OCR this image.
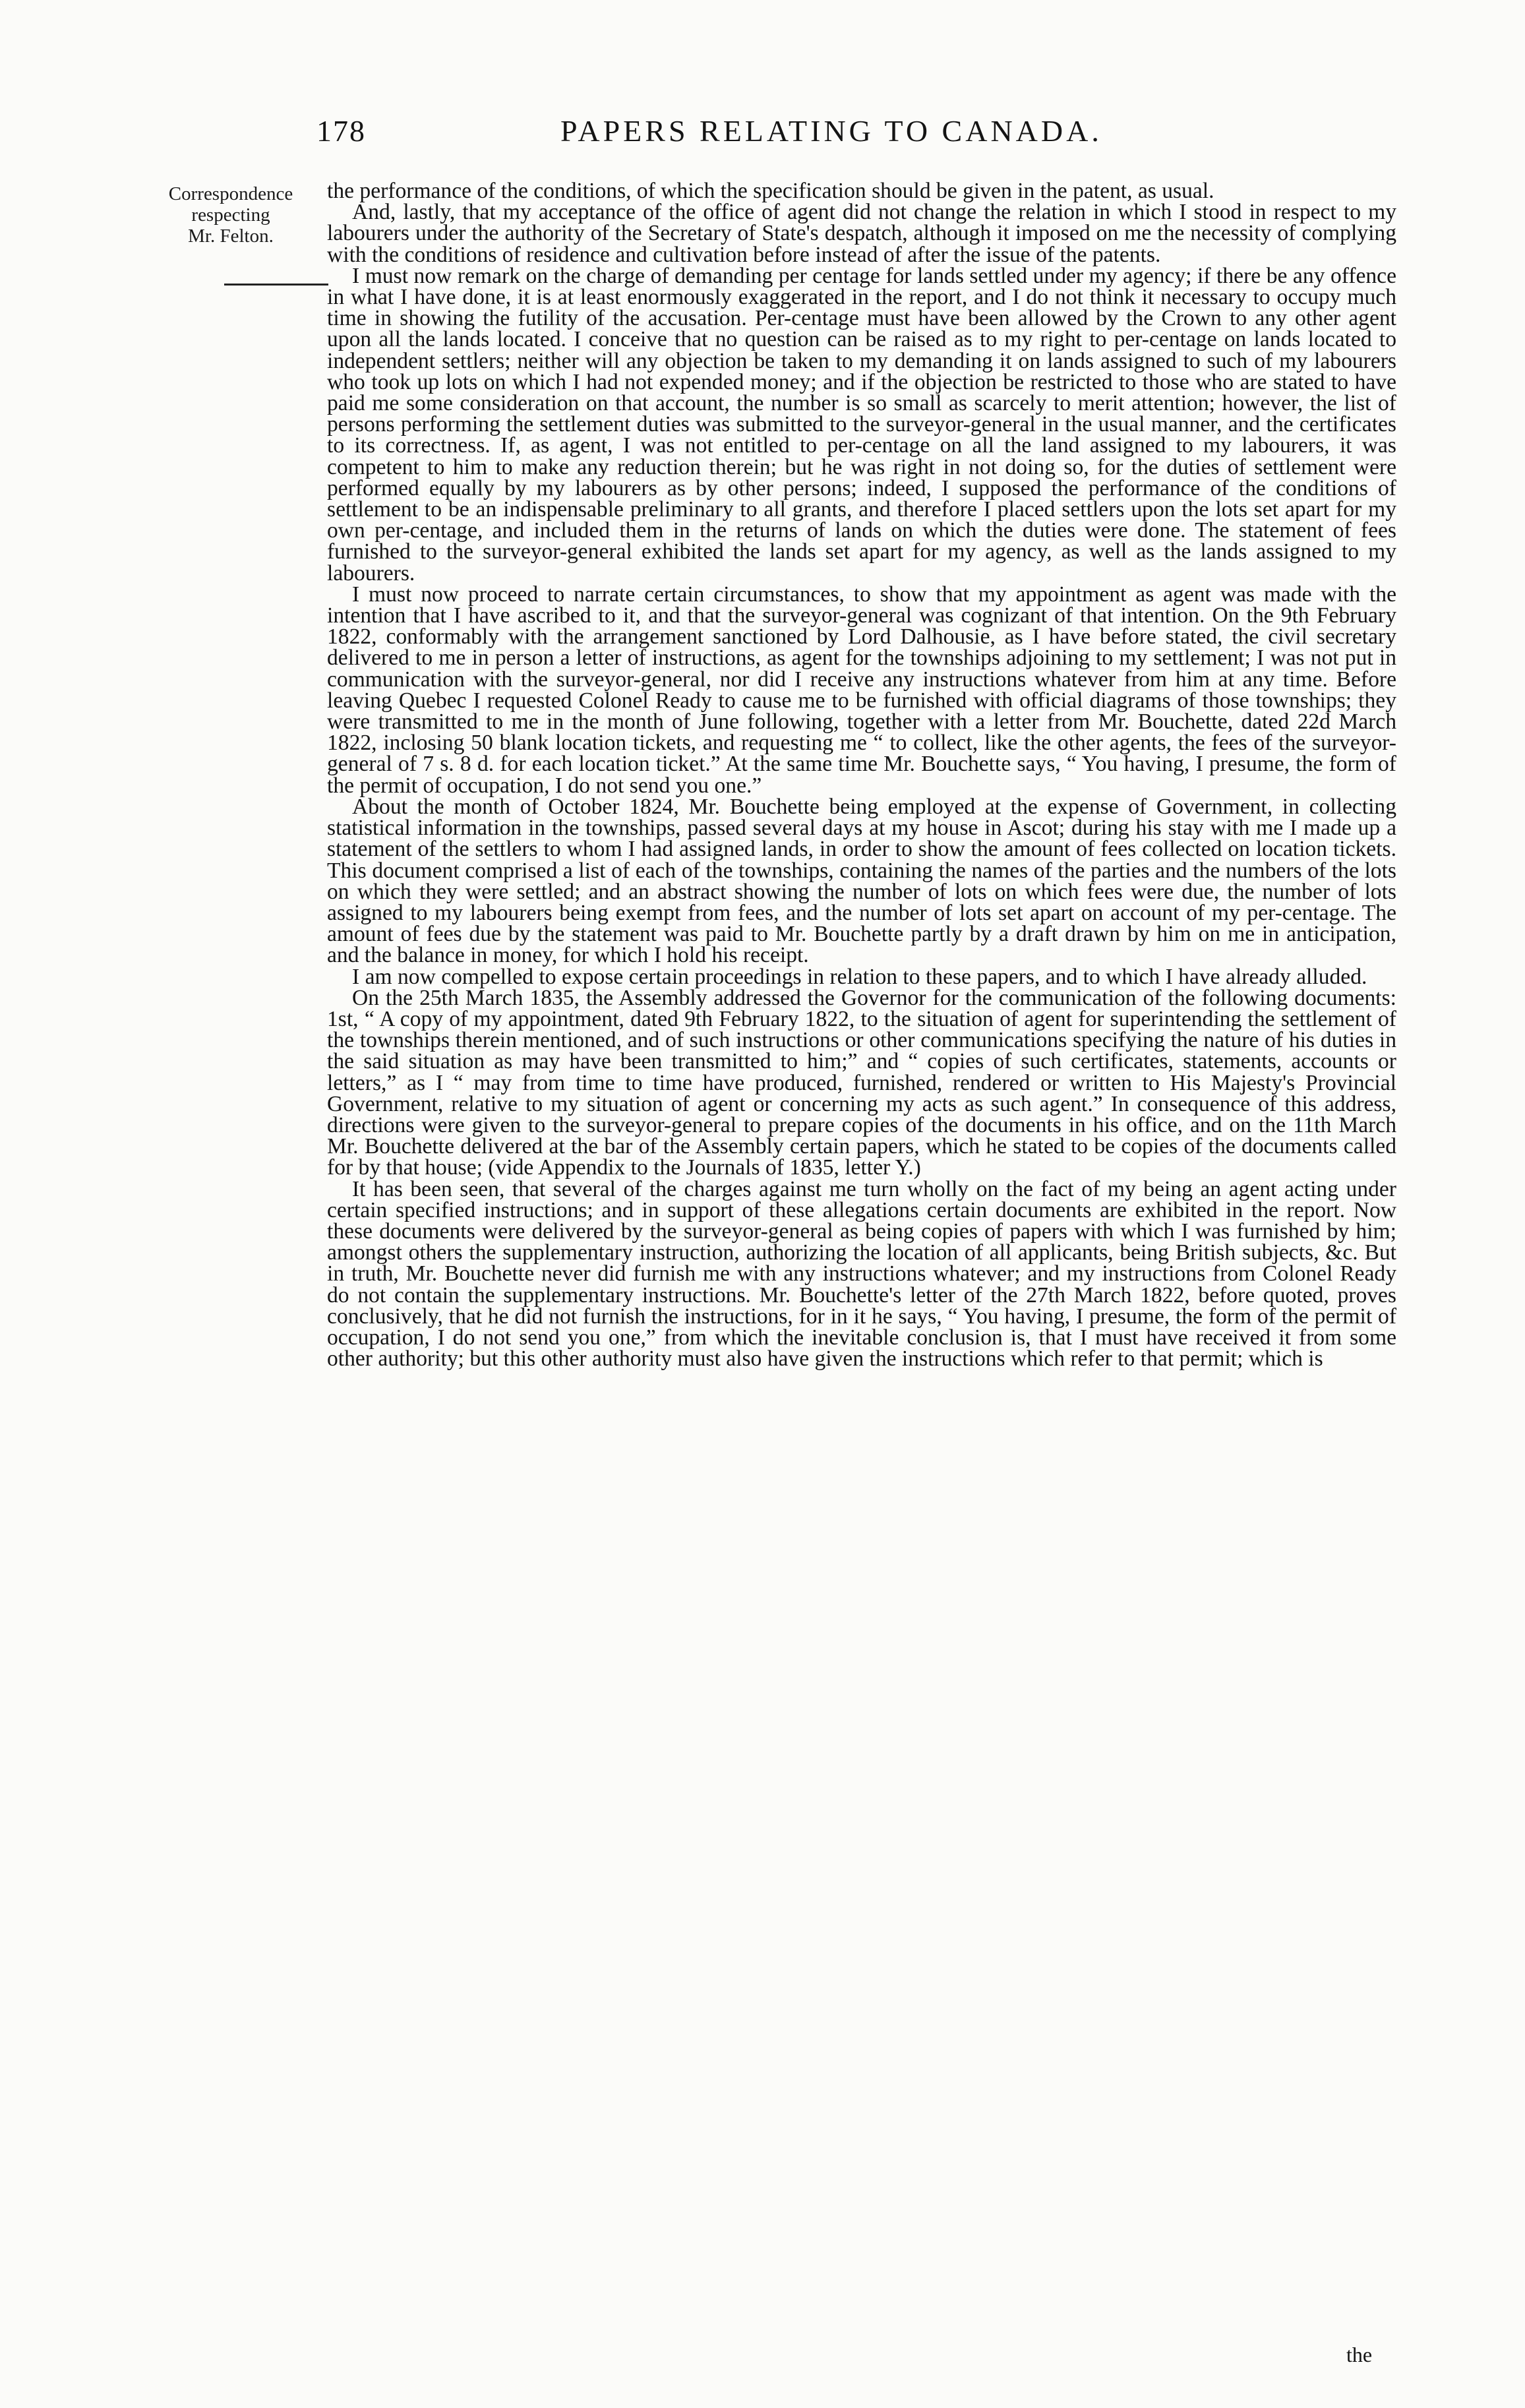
178	PAPERS RELATING TO CANADA.
Correspondence
respecting
Mr. Felton.

the performance of the conditions, of which the specification should be given in the patent, as usual.

And, lastly, that my acceptance of the office of agent did not change the relation in which I stood in respect to my labourers under the authority of the Secretary of State's despatch, although it imposed on me the necessity of complying with the conditions of residence and cultivation before instead of after the issue of the patents.

I must now remark on the charge of demanding per centage for lands settled under my agency; if there be any offence in what I have done, it is at least enormously exaggerated in the report, and I do not think it necessary to occupy much time in showing the futility of the accusation. Per-centage must have been allowed by the Crown to any other agent upon all the lands located. I conceive that no question can be raised as to my right to per-centage on lands located to independent settlers; neither will any objection be taken to my demanding it on lands assigned to such of my labourers who took up lots on which I had not expended money; and if the objection be restricted to those who are stated to have paid me some consideration on that account, the number is so small as scarcely to merit attention; however, the list of persons performing the settlement duties was submitted to the surveyor-general in the usual manner, and the certificates to its correctness. If, as agent, I was not entitled to per-centage on all the land assigned to my labourers, it was competent to him to make any reduction therein; but he was right in not doing so, for the duties of settlement were performed equally by my labourers as by other persons; indeed, I supposed the performance of the conditions of settlement to be an indispensable preliminary to all grants, and therefore I placed settlers upon the lots set apart for my own per-centage, and included them in the returns of lands on which the duties were done. The statement of fees furnished to the surveyor-general exhibited the lands set apart for my agency, as well as the lands assigned to my labourers.

I must now proceed to narrate certain circumstances, to show that my appointment as agent was made with the intention that I have ascribed to it, and that the surveyor-general was cognizant of that intention. On the 9th February 1822, conformably with the arrangement sanctioned by Lord Dalhousie, as I have before stated, the civil secretary delivered to me in person a letter of instructions, as agent for the townships adjoining to my settlement; I was not put in communication with the surveyor-general, nor did I receive any instructions whatever from him at any time. Before leaving Quebec I requested Colonel Ready to cause me to be furnished with official diagrams of those townships; they were transmitted to me in the month of June following, together with a letter from Mr. Bouchette, dated 22d March 1822, inclosing 50 blank location tickets, and requesting me “ to collect, like the other agents, the fees of the surveyor-general of 7 s. 8 d. for each location ticket.” At the same time Mr. Bouchette says, “ You having, I presume, the form of the permit of occupation, I do not send you one.”

About the month of October 1824, Mr. Bouchette being employed at the expense of Government, in collecting statistical information in the townships, passed several days at my house in Ascot; during his stay with me I made up a statement of the settlers to whom I had assigned lands, in order to show the amount of fees collected on location tickets. This document comprised a list of each of the townships, containing the names of the parties and the numbers of the lots on which they were settled; and an abstract showing the number of lots on which fees were due, the number of lots assigned to my labourers being exempt from fees, and the number of lots set apart on account of my per-centage. The amount of fees due by the statement was paid to Mr. Bouchette partly by a draft drawn by him on me in anticipation, and the balance in money, for which I hold his receipt.

I am now compelled to expose certain proceedings in relation to these papers, and to which I have already alluded.

On the 25th March 1835, the Assembly addressed the Governor for the communication of the following documents: 1st, “ A copy of my appointment, dated 9th February 1822, to the situation of agent for superintending the settlement of the townships therein mentioned, and of such instructions or other communications specifying the nature of his duties in the said situation as may have been transmitted to him;” and “ copies of such certificates, statements, accounts or letters,” as I “ may from time to time have produced, furnished, rendered or written to His Majesty's Provincial Government, relative to my situation of agent or concerning my acts as such agent.” In consequence of this address, directions were given to the surveyor-general to prepare copies of the documents in his office, and on the 11th March Mr. Bouchette delivered at the bar of the Assembly certain papers, which he stated to be copies of the documents called for by that house; (vide Appendix to the Journals of 1835, letter Y.)

It has been seen, that several of the charges against me turn wholly on the fact of my being an agent acting under certain specified instructions; and in support of these allegations certain documents are exhibited in the report. Now these documents were delivered by the surveyor-general as being copies of papers with which I was furnished by him; amongst others the supplementary instruction, authorizing the location of all applicants, being British subjects, &c. But in truth, Mr. Bouchette never did furnish me with any instructions whatever; and my instructions from Colonel Ready do not contain the supplementary instructions. Mr. Bouchette's letter of the 27th March 1822, before quoted, proves conclusively, that he did not furnish the instructions, for in it he says, “ You having, I presume, the form of the permit of occupation, I do not send you one,” from which the inevitable conclusion is, that I must have received it from some other authority; but this other authority must also have given the instructions which refer to that permit; which is

the
